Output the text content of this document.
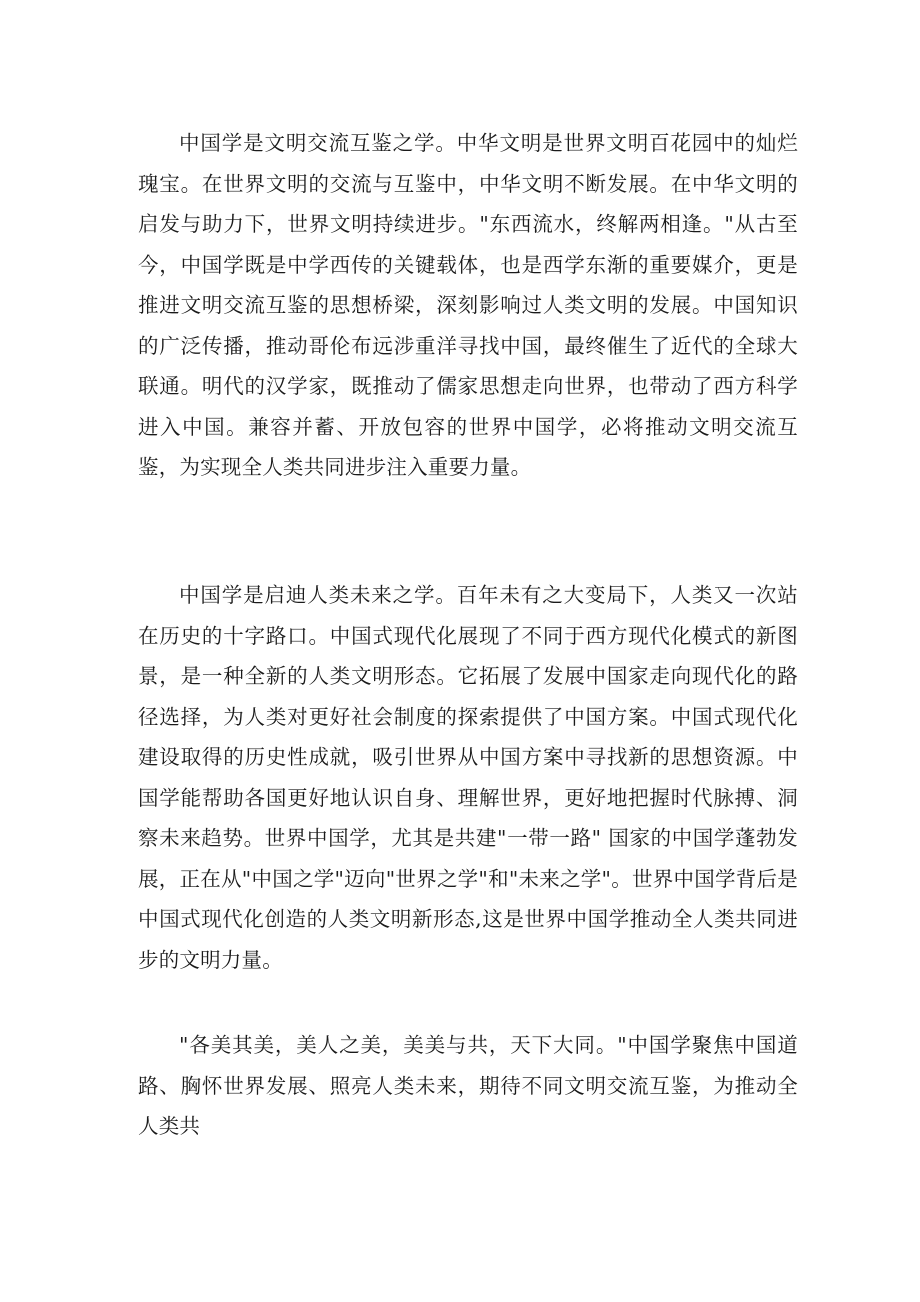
中国学是文明交流互鉴之学。中华文明是世界文明百花园中的灿烂瑰宝。在世界文明的交流与互鉴中，中华文明不断发展。在中华文明的启发与助力下，世界文明持续进步。"东西流水，终解两相逢。"从古至今，中国学既是中学西传的关键载体，也是西学东渐的重要媒介，更是推进文明交流互鉴的思想桥梁，深刻影响过人类文明的发展。中国知识的广泛传播，推动哥伦布远涉重洋寻找中国，最终催生了近代的全球大联通。明代的汉学家，既推动了儒家思想走向世界，也带动了西方科学进入中国。兼容并蓄、开放包容的世界中国学，必将推动文明交流互鉴，为实现全人类共同进步注入重要力量。

中国学是启迪人类未来之学。百年未有之大变局下，人类又一次站在历史的十字路口。中国式现代化展现了不同于西方现代化模式的新图景，是一种全新的人类文明形态。它拓展了发展中国家走向现代化的路径选择，为人类对更好社会制度的探索提供了中国方案。中国式现代化建设取得的历史性成就，吸引世界从中国方案中寻找新的思想资源。中国学能帮助各国更好地认识自身、理解世界，更好地把握时代脉搏、洞察未来趋势。世界中国学，尤其是共建"一带一路" 国家的中国学蓬勃发展，正在从"中国之学"迈向"世界之学"和"未来之学"。世界中国学背后是中国式现代化创造的人类文明新形态,这是世界中国学推动全人类共同进步的文明力量。

"各美其美，美人之美，美美与共，天下大同。"中国学聚焦中国道路、胸怀世界发展、照亮人类未来，期待不同文明交流互鉴，为推动全人类共
